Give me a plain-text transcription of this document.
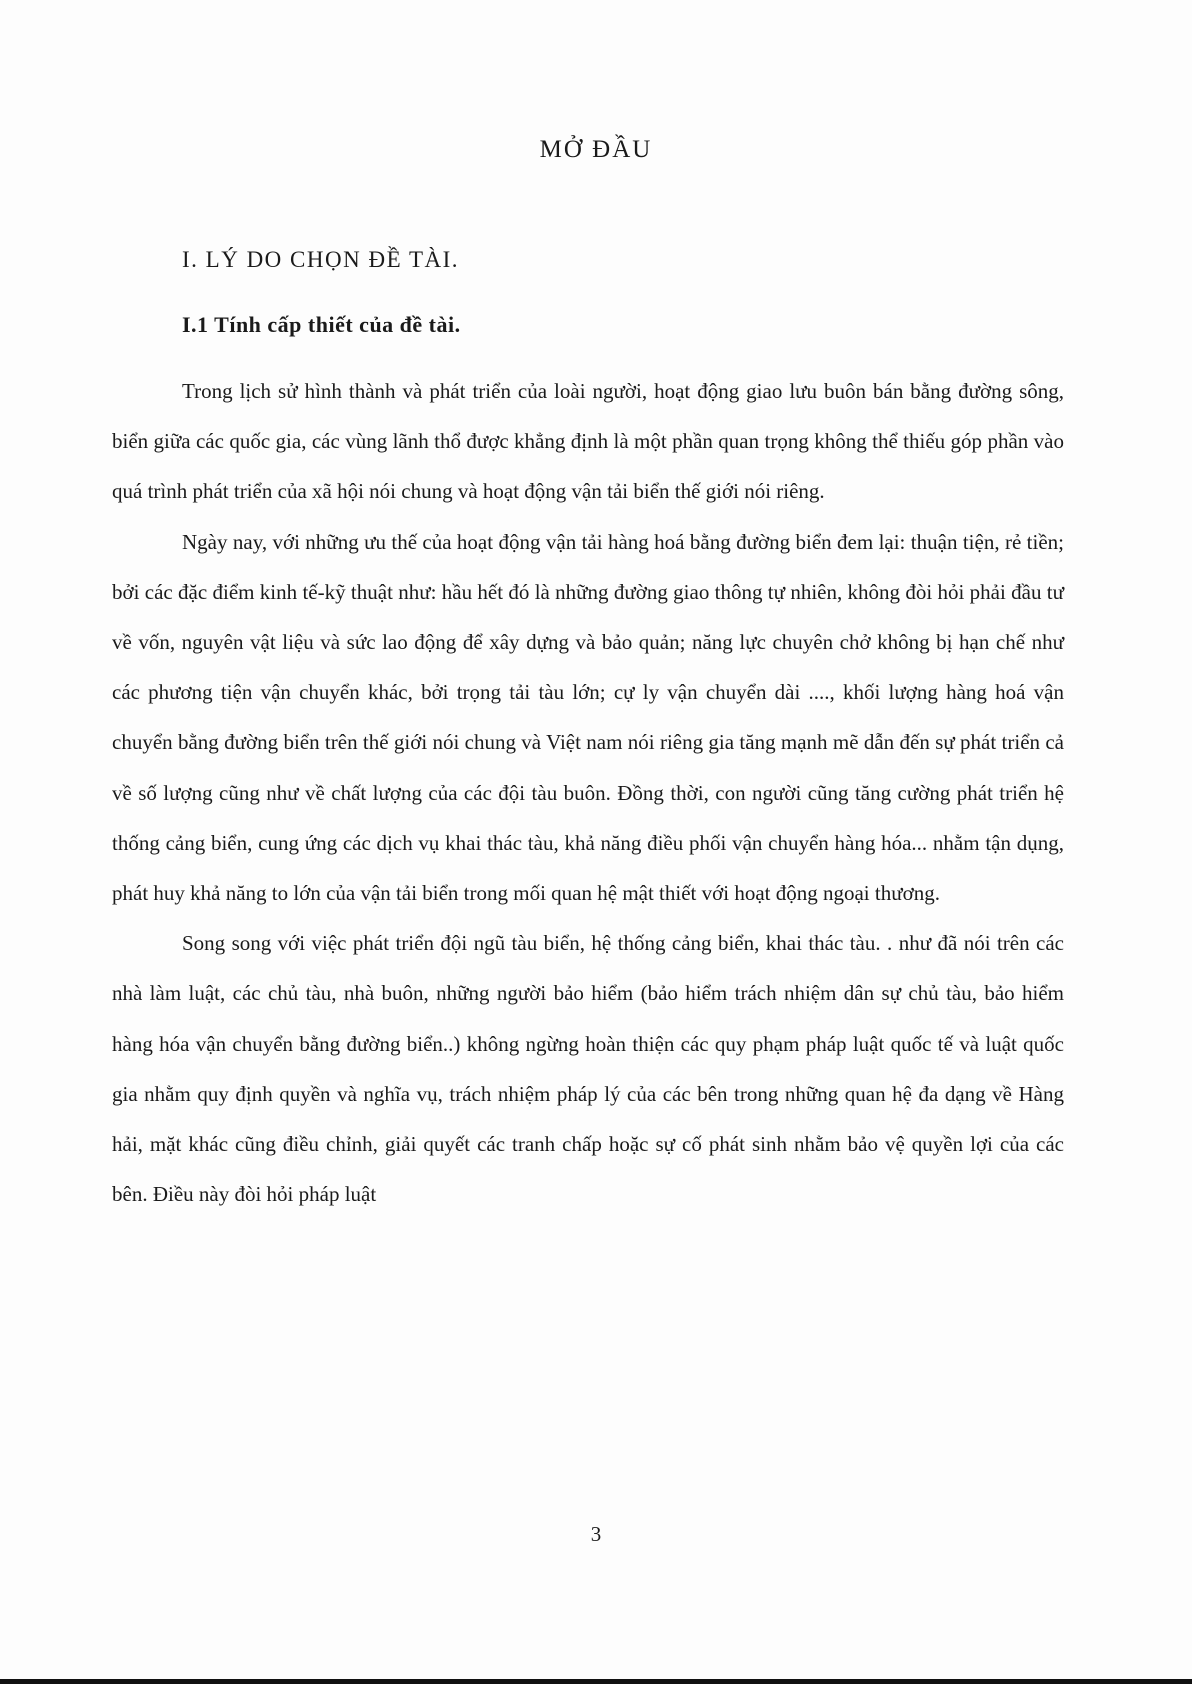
MỞ ĐẦU
I. LÝ DO CHỌN ĐỀ TÀI.
I.1 Tính cấp thiết của đề tài.

Trong lịch sử hình thành và phát triển của loài người, hoạt động giao lưu buôn bán bằng đường sông, biển giữa các quốc gia, các vùng lãnh thổ được khẳng định là một phần quan trọng không thể thiếu góp phần vào quá trình phát triển của xã hội nói chung và hoạt động vận tải biển thế giới nói riêng.

Ngày nay, với những ưu thế của hoạt động vận tải hàng hoá bằng đường biển đem lại: thuận tiện, rẻ tiền; bởi các đặc điểm kinh tế-kỹ thuật như: hầu hết đó là những đường giao thông tự nhiên, không đòi hỏi phải đầu tư về vốn, nguyên vật liệu và sức lao động để xây dựng và bảo quản; năng lực chuyên chở không bị hạn chế như các phương tiện vận chuyển khác, bởi trọng tải tàu lớn; cự ly vận chuyển dài ...., khối lượng hàng hoá vận chuyển bằng đường biển trên thế giới nói chung và Việt nam nói riêng gia tăng mạnh mẽ dẫn đến sự phát triển cả về số lượng cũng như về chất lượng của các đội tàu buôn. Đồng thời, con người cũng tăng cường phát triển hệ thống cảng biển, cung ứng các dịch vụ khai thác tàu, khả năng điều phối vận chuyển hàng hóa... nhằm tận dụng, phát huy khả năng to lớn của vận tải biển trong mối quan hệ mật thiết với hoạt động ngoại thương.

Song song với việc phát triển đội ngũ tàu biển, hệ thống cảng biển, khai thác tàu. . như đã nói trên các nhà làm luật, các chủ tàu, nhà buôn, những người bảo hiểm (bảo hiểm trách nhiệm dân sự chủ tàu, bảo hiểm hàng hóa vận chuyển bằng đường biển..) không ngừng hoàn thiện các quy phạm pháp luật quốc tế và luật quốc gia nhằm quy định quyền và nghĩa vụ, trách nhiệm pháp lý của các bên trong những quan hệ đa dạng về Hàng hải, mặt khác cũng điều chỉnh, giải quyết các tranh chấp hoặc sự cố phát sinh nhằm bảo vệ quyền lợi của các bên. Điều này đòi hỏi pháp luật

3
